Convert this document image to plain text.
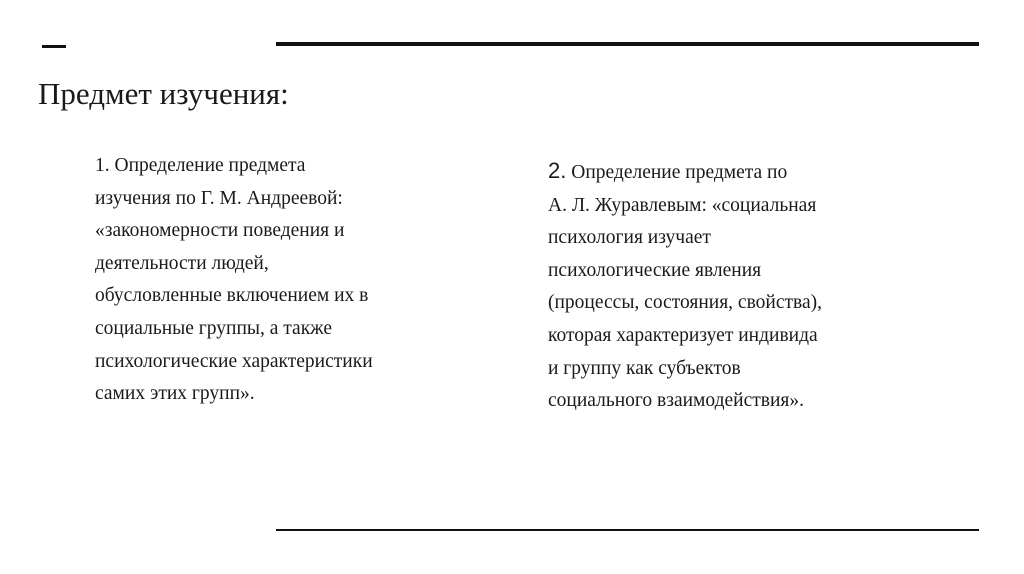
Предмет изучения:
1. Определение предмета
изучения по Г. М. Андреевой:
«закономерности поведения и
деятельности людей,
обусловленные включением их в
социальные группы, а также
психологические характеристики
самих этих групп».
2. Определение предмета по
А. Л. Журавлевым: «социальная
психология изучает
психологические явления
(процессы, состояния, свойства),
которая характеризует индивида
и группу как субъектов
социального взаимодействия».
